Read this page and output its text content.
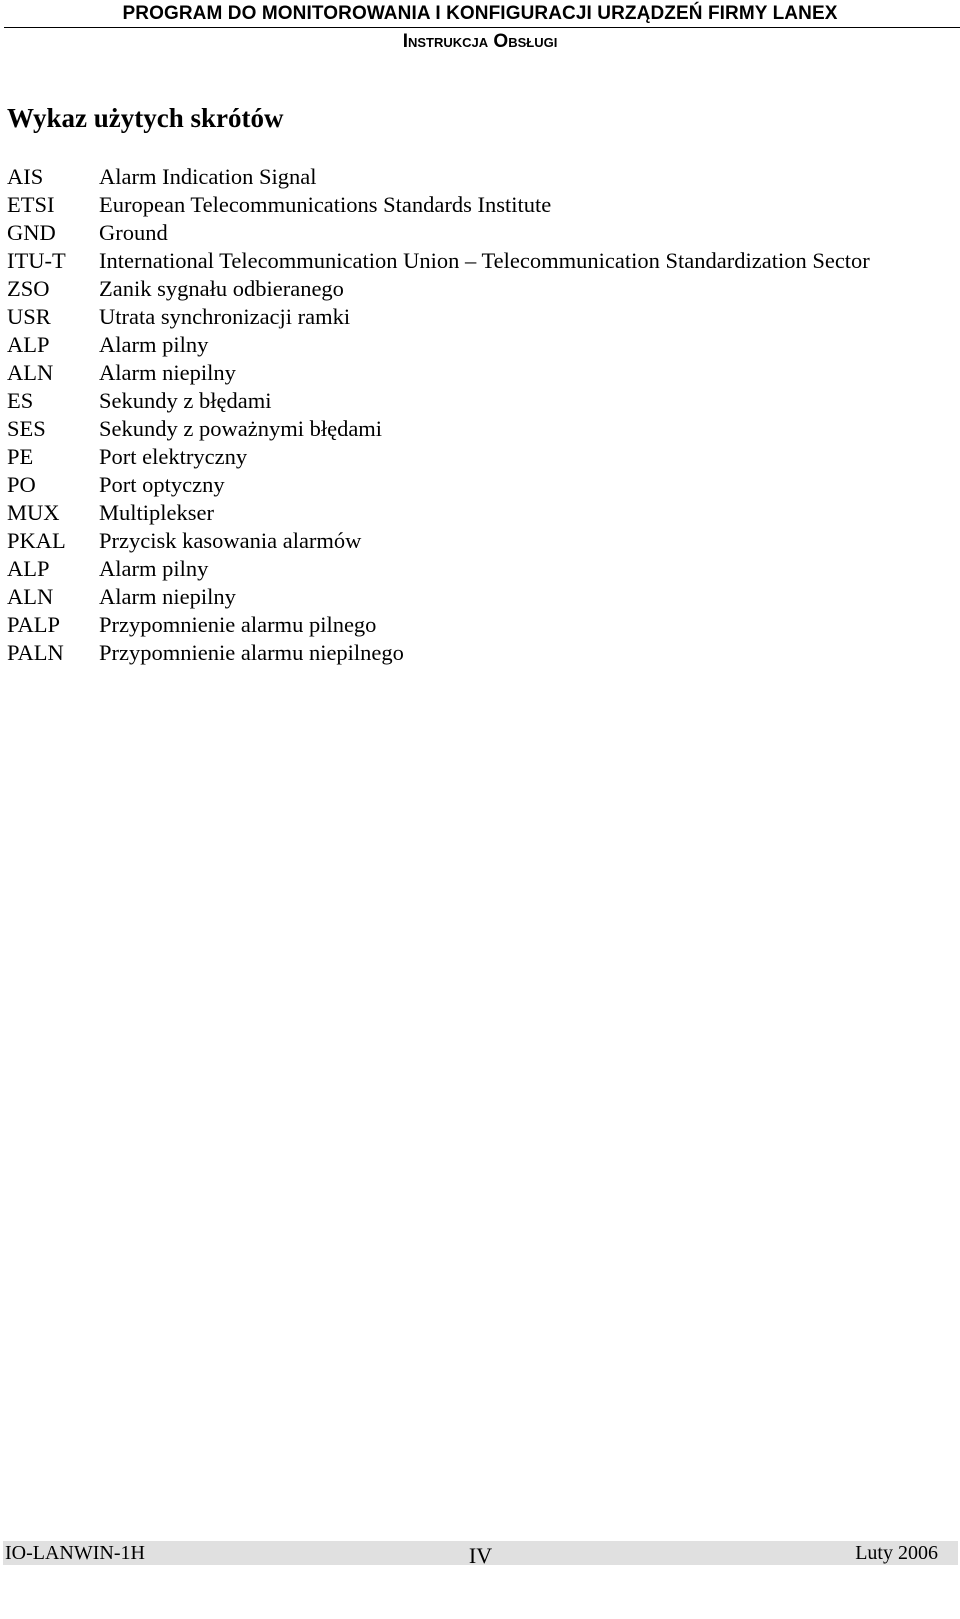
PROGRAM DO MONITOROWANIA I KONFIGURACJI URZĄDZEŃ FIRMY LANEX
Instrukcja Obsługi
Wykaz użytych skrótów
AIS	Alarm Indication Signal
ETSI	European Telecommunications Standards Institute
GND	Ground
ITU-T	International Telecommunication Union – Telecommunication Standardization Sector
ZSO	Zanik sygnału odbieranego
USR	Utrata synchronizacji ramki
ALP	Alarm pilny
ALN	Alarm niepilny
ES	Sekundy z błędami
SES	Sekundy z poważnymi błędami
PE	Port elektryczny
PO	Port optyczny
MUX	Multiplekser
PKAL	Przycisk kasowania alarmów
ALP	Alarm pilny
ALN	Alarm niepilny
PALP	Przypomnienie alarmu pilnego
PALN	Przypomnienie alarmu niepilnego
IO-LANWIN-1H	IV	Luty 2006
